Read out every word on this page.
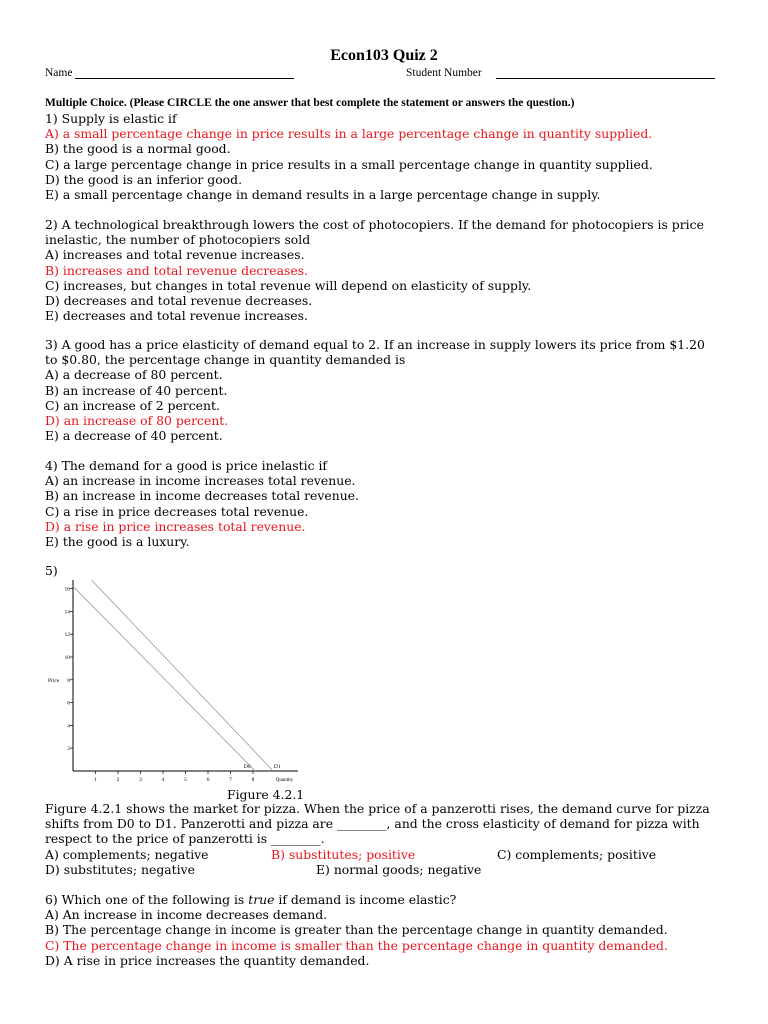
Econ103 Quiz 2
Name	Student Number
Multiple Choice. (Please CIRCLE the one answer that best complete the statement or answers the question.)
1) Supply is elastic if
A) a small percentage change in price results in a large percentage change in quantity supplied.
B) the good is a normal good.
C) a large percentage change in price results in a small percentage change in quantity supplied.
D) the good is an inferior good.
E) a small percentage change in demand results in a large percentage change in supply.
2) A technological breakthrough lowers the cost of photocopiers. If the demand for photocopiers is price
inelastic, the number of photocopiers sold
A) increases and total revenue increases.
B) increases and total revenue decreases.
C) increases, but changes in total revenue will depend on elasticity of supply.
D) decreases and total revenue decreases.
E) decreases and total revenue increases.
3) A good has a price elasticity of demand equal to 2. If an increase in supply lowers its price from $1.20
to $0.80, the percentage change in quantity demanded is
A) a decrease of 80 percent.
B) an increase of 40 percent.
C) an increase of 2 percent.
D) an increase of 80 percent.
E) a decrease of 40 percent.
4) The demand for a good is price inelastic if
A) an increase in income increases total revenue.
B) an increase in income decreases total revenue.
C) a rise in price decreases total revenue.
D) a rise in price increases total revenue.
E) the good is a luxury.
5)
2
4
6
8
10
12
14
16
1	2	3	4	5	6	7	8
Price
Quantity
D0	D1
Figure 4.2.1
Figure 4.2.1 shows the market for pizza. When the price of a panzerotti rises, the demand curve for pizza
shifts from D0 to D1. Panzerotti and pizza are ________, and the cross elasticity of demand for pizza with
respect to the price of panzerotti is ________.
A) complements; negative	B) substitutes; positive	C) complements; positive
D) substitutes; negative	E) normal goods; negative
6) Which one of the following is true if demand is income elastic?
A) An increase in income decreases demand.
B) The percentage change in income is greater than the percentage change in quantity demanded.
C) The percentage change in income is smaller than the percentage change in quantity demanded.
D) A rise in price increases the quantity demanded.
